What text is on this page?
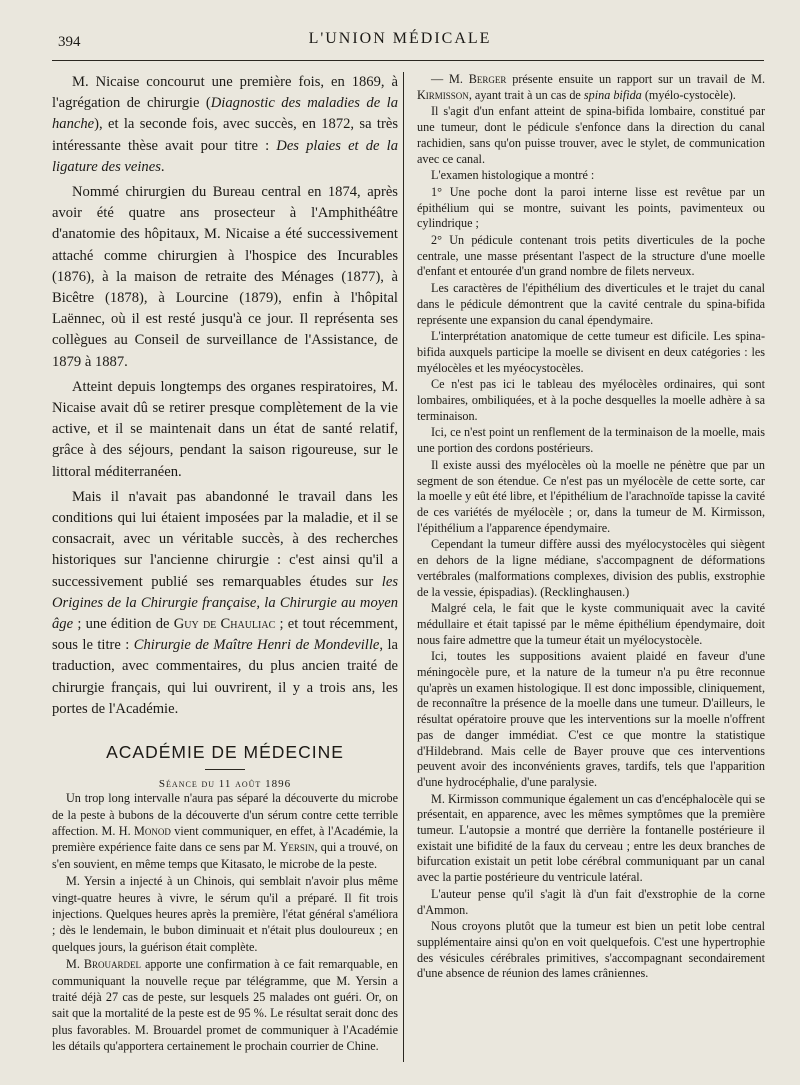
394	L'UNION MÉDICALE

M. Nicaise concourut une première fois, en 1869, à l'agrégation de chirurgie (Diagnostic des maladies de la hanche), et la seconde fois, avec succès, en 1872, sa très intéressante thèse avait pour titre : Des plaies et de la ligature des veines.

Nommé chirurgien du Bureau central en 1874, après avoir été quatre ans prosecteur à l'Amphithéâtre d'anatomie des hôpitaux, M. Nicaise a été successivement attaché comme chirurgien à l'hospice des Incurables (1876), à la maison de retraite des Ménages (1877), à Bicêtre (1878), à Lourcine (1879), enfin à l'hôpital Laënnec, où il est resté jusqu'à ce jour. Il représenta ses collègues au Conseil de surveillance de l'Assistance, de 1879 à 1887.

Atteint depuis longtemps des organes respiratoires, M. Nicaise avait dû se retirer presque complètement de la vie active, et il se maintenait dans un état de santé relatif, grâce à des séjours, pendant la saison rigoureuse, sur le littoral méditerranéen.

Mais il n'avait pas abandonné le travail dans les conditions qui lui étaient imposées par la maladie, et il se consacrait, avec un véritable succès, à des recherches historiques sur l'ancienne chirurgie : c'est ainsi qu'il a successivement publié ses remarquables études sur les Origines de la Chirurgie française, la Chirurgie au moyen âge ; une édition de Guy de Chauliac ; et tout récemment, sous le titre : Chirurgie de Maître Henri de Mondeville, la traduction, avec commentaires, du plus ancien traité de chirurgie français, qui lui ouvrirent, il y a trois ans, les portes de l'Académie.

ACADÉMIE DE MÉDECINE
Séance du 11 août 1896

Un trop long intervalle n'aura pas séparé la découverte du microbe de la peste à bubons de la découverte d'un sérum contre cette terrible affection. M. H. Monod vient communiquer, en effet, à l'Académie, la première expérience faite dans ce sens par M. Yersin, qui a trouvé, on s'en souvient, en même temps que Kitasato, le microbe de la peste.

M. Yersin a injecté à un Chinois, qui semblait n'avoir plus même vingt-quatre heures à vivre, le sérum qu'il a préparé. Il fit trois injections. Quelques heures après la première, l'état général s'améliora ; dès le lendemain, le bubon diminuait et n'était plus douloureux ; en quelques jours, la guérison était complète.

M. Brouardel apporte une confirmation à ce fait remarquable, en communiquant la nouvelle reçue par télégramme, que M. Yersin a traité déjà 27 cas de peste, sur lesquels 25 malades ont guéri. Or, on sait que la mortalité de la peste est de 95 %. Le résultat serait donc des plus favorables. M. Brouardel promet de communiquer à l'Académie les détails qu'apportera certainement le prochain courrier de Chine.

— M. Berger présente ensuite un rapport sur un travail de M. Kirmisson, ayant trait à un cas de spina bifida (myélo-cystocèle).

Il s'agit d'un enfant atteint de spina-bifida lombaire, constitué par une tumeur, dont le pédicule s'enfonce dans la direction du canal rachidien, sans qu'on puisse trouver, avec le stylet, de communication avec ce canal.

L'examen histologique a montré :

1° Une poche dont la paroi interne lisse est revêtue par un épithélium qui se montre, suivant les points, pavimenteux ou cylindrique ;

2° Un pédicule contenant trois petits diverticules de la poche centrale, une masse présentant l'aspect de la structure d'une moelle d'enfant et entourée d'un grand nombre de filets nerveux.

Les caractères de l'épithélium des diverticules et le trajet du canal dans le pédicule démontrent que la cavité centrale du spina-bifida représente une expansion du canal épendymaire.

L'interprétation anatomique de cette tumeur est dificile. Les spina-bifida auxquels participe la moelle se divisent en deux catégories : les myélocèles et les myéocystocèles.

Ce n'est pas ici le tableau des myélocèles ordinaires, qui sont lombaires, ombiliquées, et à la poche desquelles la moelle adhère à sa terminaison.

Ici, ce n'est point un renflement de la terminaison de la moelle, mais une portion des cordons postérieurs.

Il existe aussi des myélocèles où la moelle ne pénètre que par un segment de son étendue. Ce n'est pas un myélocèle de cette sorte, car la moelle y eût été libre, et l'épithélium de l'arachnoïde tapisse la cavité de ces variétés de myélocèle ; or, dans la tumeur de M. Kirmisson, l'épithélium a l'apparence épendymaire.

Cependant la tumeur diffère aussi des myélocystocèles qui siègent en dehors de la ligne médiane, s'accompagnent de déformations vertébrales (malformations complexes, division des publis, exstrophie de la vessie, épispadias). (Recklinghausen.)

Malgré cela, le fait que le kyste communiquait avec la cavité médullaire et était tapissé par le même épithélium épendymaire, doit nous faire admettre que la tumeur était un myélocystocèle.

Ici, toutes les suppositions avaient plaidé en faveur d'une méningocèle pure, et la nature de la tumeur n'a pu être reconnue qu'après un examen histologique. Il est donc impossible, cliniquement, de reconnaître la présence de la moelle dans une tumeur. D'ailleurs, le résultat opératoire prouve que les interventions sur la moelle n'offrent pas de danger immédiat. C'est ce que montre la statistique d'Hildebrand. Mais celle de Bayer prouve que ces interventions peuvent avoir des inconvénients graves, tardifs, tels que l'apparition d'une hydrocéphalie, d'une paralysie.

M. Kirmisson communique également un cas d'encéphalocèle qui se présentait, en apparence, avec les mêmes symptômes que la première tumeur. L'autopsie a montré que derrière la fontanelle postérieure il existait une bifidité de la faux du cerveau ; entre les deux branches de bifurcation existait un petit lobe cérébral communiquant par un canal avec la partie postérieure du ventricule latéral.

L'auteur pense qu'il s'agit là d'un fait d'exstrophie de la corne d'Ammon.

Nous croyons plutôt que la tumeur est bien un petit lobe central supplémentaire ainsi qu'on en voit quelquefois. C'est une hypertrophie des vésicules cérébrales primitives, s'accompagnant secondairement d'une absence de réunion des lames crâniennes.
